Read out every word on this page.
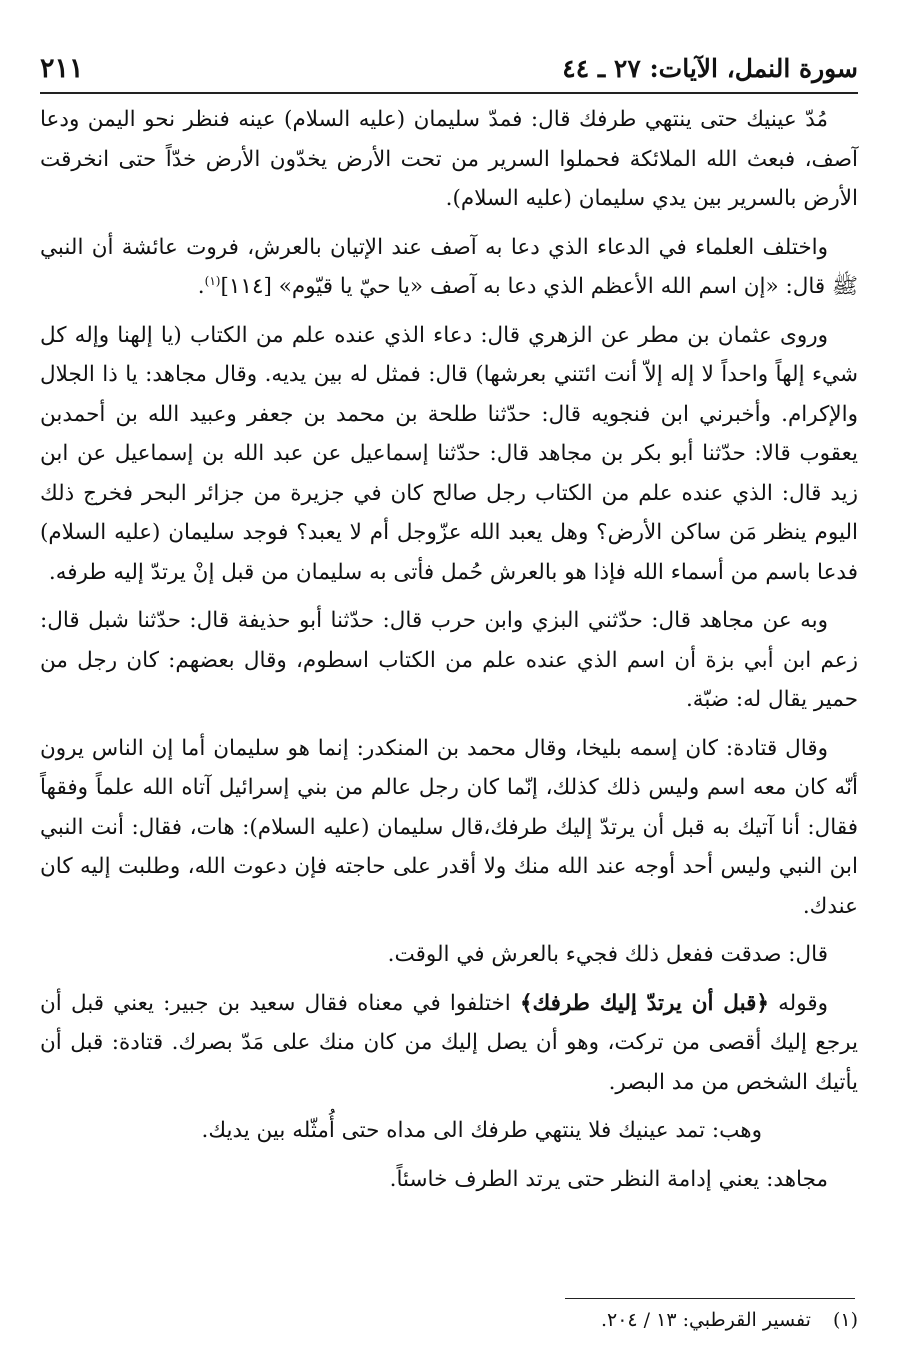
سورة النمل، الآيات: ٢٧ ـ ٤٤
٢١١

مُدّ عينيك حتى ينتهي طرفك قال: فمدّ سليمان (عليه السلام) عينه فنظر نحو اليمن ودعا آصف، فبعث الله الملائكة فحملوا السرير من تحت الأرض يخدّون الأرض خدّاً حتى انخرقت الأرض بالسرير بين يدي سليمان (عليه السلام).

واختلف العلماء في الدعاء الذي دعا به آصف عند الإتيان بالعرش، فروت عائشة أن النبي ﷺ قال: «إن اسم الله الأعظم الذي دعا به آصف «يا حيّ يا قيّوم» [١١٤]$^{(١)}$.

وروى عثمان بن مطر عن الزهري قال: دعاء الذي عنده علم من الكتاب (يا إلهنا وإله كل شيء إلهاً واحداً لا إله إلاّ أنت ائتني بعرشها) قال: فمثل له بين يديه. وقال مجاهد: يا ذا الجلال والإكرام. وأخبرني ابن فنجويه قال: حدّثنا طلحة بن محمد بن جعفر وعبيد الله بن أحمدبن يعقوب قالا: حدّثنا أبو بكر بن مجاهد قال: حدّثنا إسماعيل عن عبد الله بن إسماعيل عن ابن زيد قال: الذي عنده علم من الكتاب رجل صالح كان في جزيرة من جزائر البحر فخرج ذلك اليوم ينظر مَن ساكن الأرض؟ وهل يعبد الله عزّوجل أم لا يعبد؟ فوجد سليمان (عليه السلام) فدعا باسم من أسماء الله فإذا هو بالعرش حُمل فأتى به سليمان من قبل إنْ يرتدّ إليه طرفه.

وبه عن مجاهد قال: حدّثني البزي وابن حرب قال: حدّثنا أبو حذيفة قال: حدّثنا شبل قال: زعم ابن أبي بزة أن اسم الذي عنده علم من الكتاب اسطوم، وقال بعضهم: كان رجل من حمير يقال له: ضبّة.

وقال قتادة: كان إسمه بليخا، وقال محمد بن المنكدر: إنما هو سليمان أما إن الناس يرون أنّه كان معه اسم وليس ذلك كذلك، إنّما كان رجل عالم من بني إسرائيل آتاه الله علماً وفقهاً فقال: أنا آتيك به قبل أن يرتدّ إليك طرفك،قال سليمان (عليه السلام): هات، فقال: أنت النبي ابن النبي وليس أحد أوجه عند الله منك ولا أقدر على حاجته فإن دعوت الله، وطلبت إليه كان عندك.

قال: صدقت ففعل ذلك فجيء بالعرش في الوقت.

وقوله ﴿قبل أن يرتدّ إليك طرفك﴾ اختلفوا في معناه فقال سعيد بن جبير: يعني قبل أن يرجع إليك أقصى من تركت، وهو أن يصل إليك من كان منك على مَدّ بصرك. قتادة: قبل أن يأتيك الشخص من مد البصر.

وهب: تمد عينيك فلا ينتهي طرفك الى مداه حتى أُمثّله بين يديك.

مجاهد: يعني إدامة النظر حتى يرتد الطرف خاسئاً.

(١)تفسير القرطبي: ١٣ / ٢٠٤.
